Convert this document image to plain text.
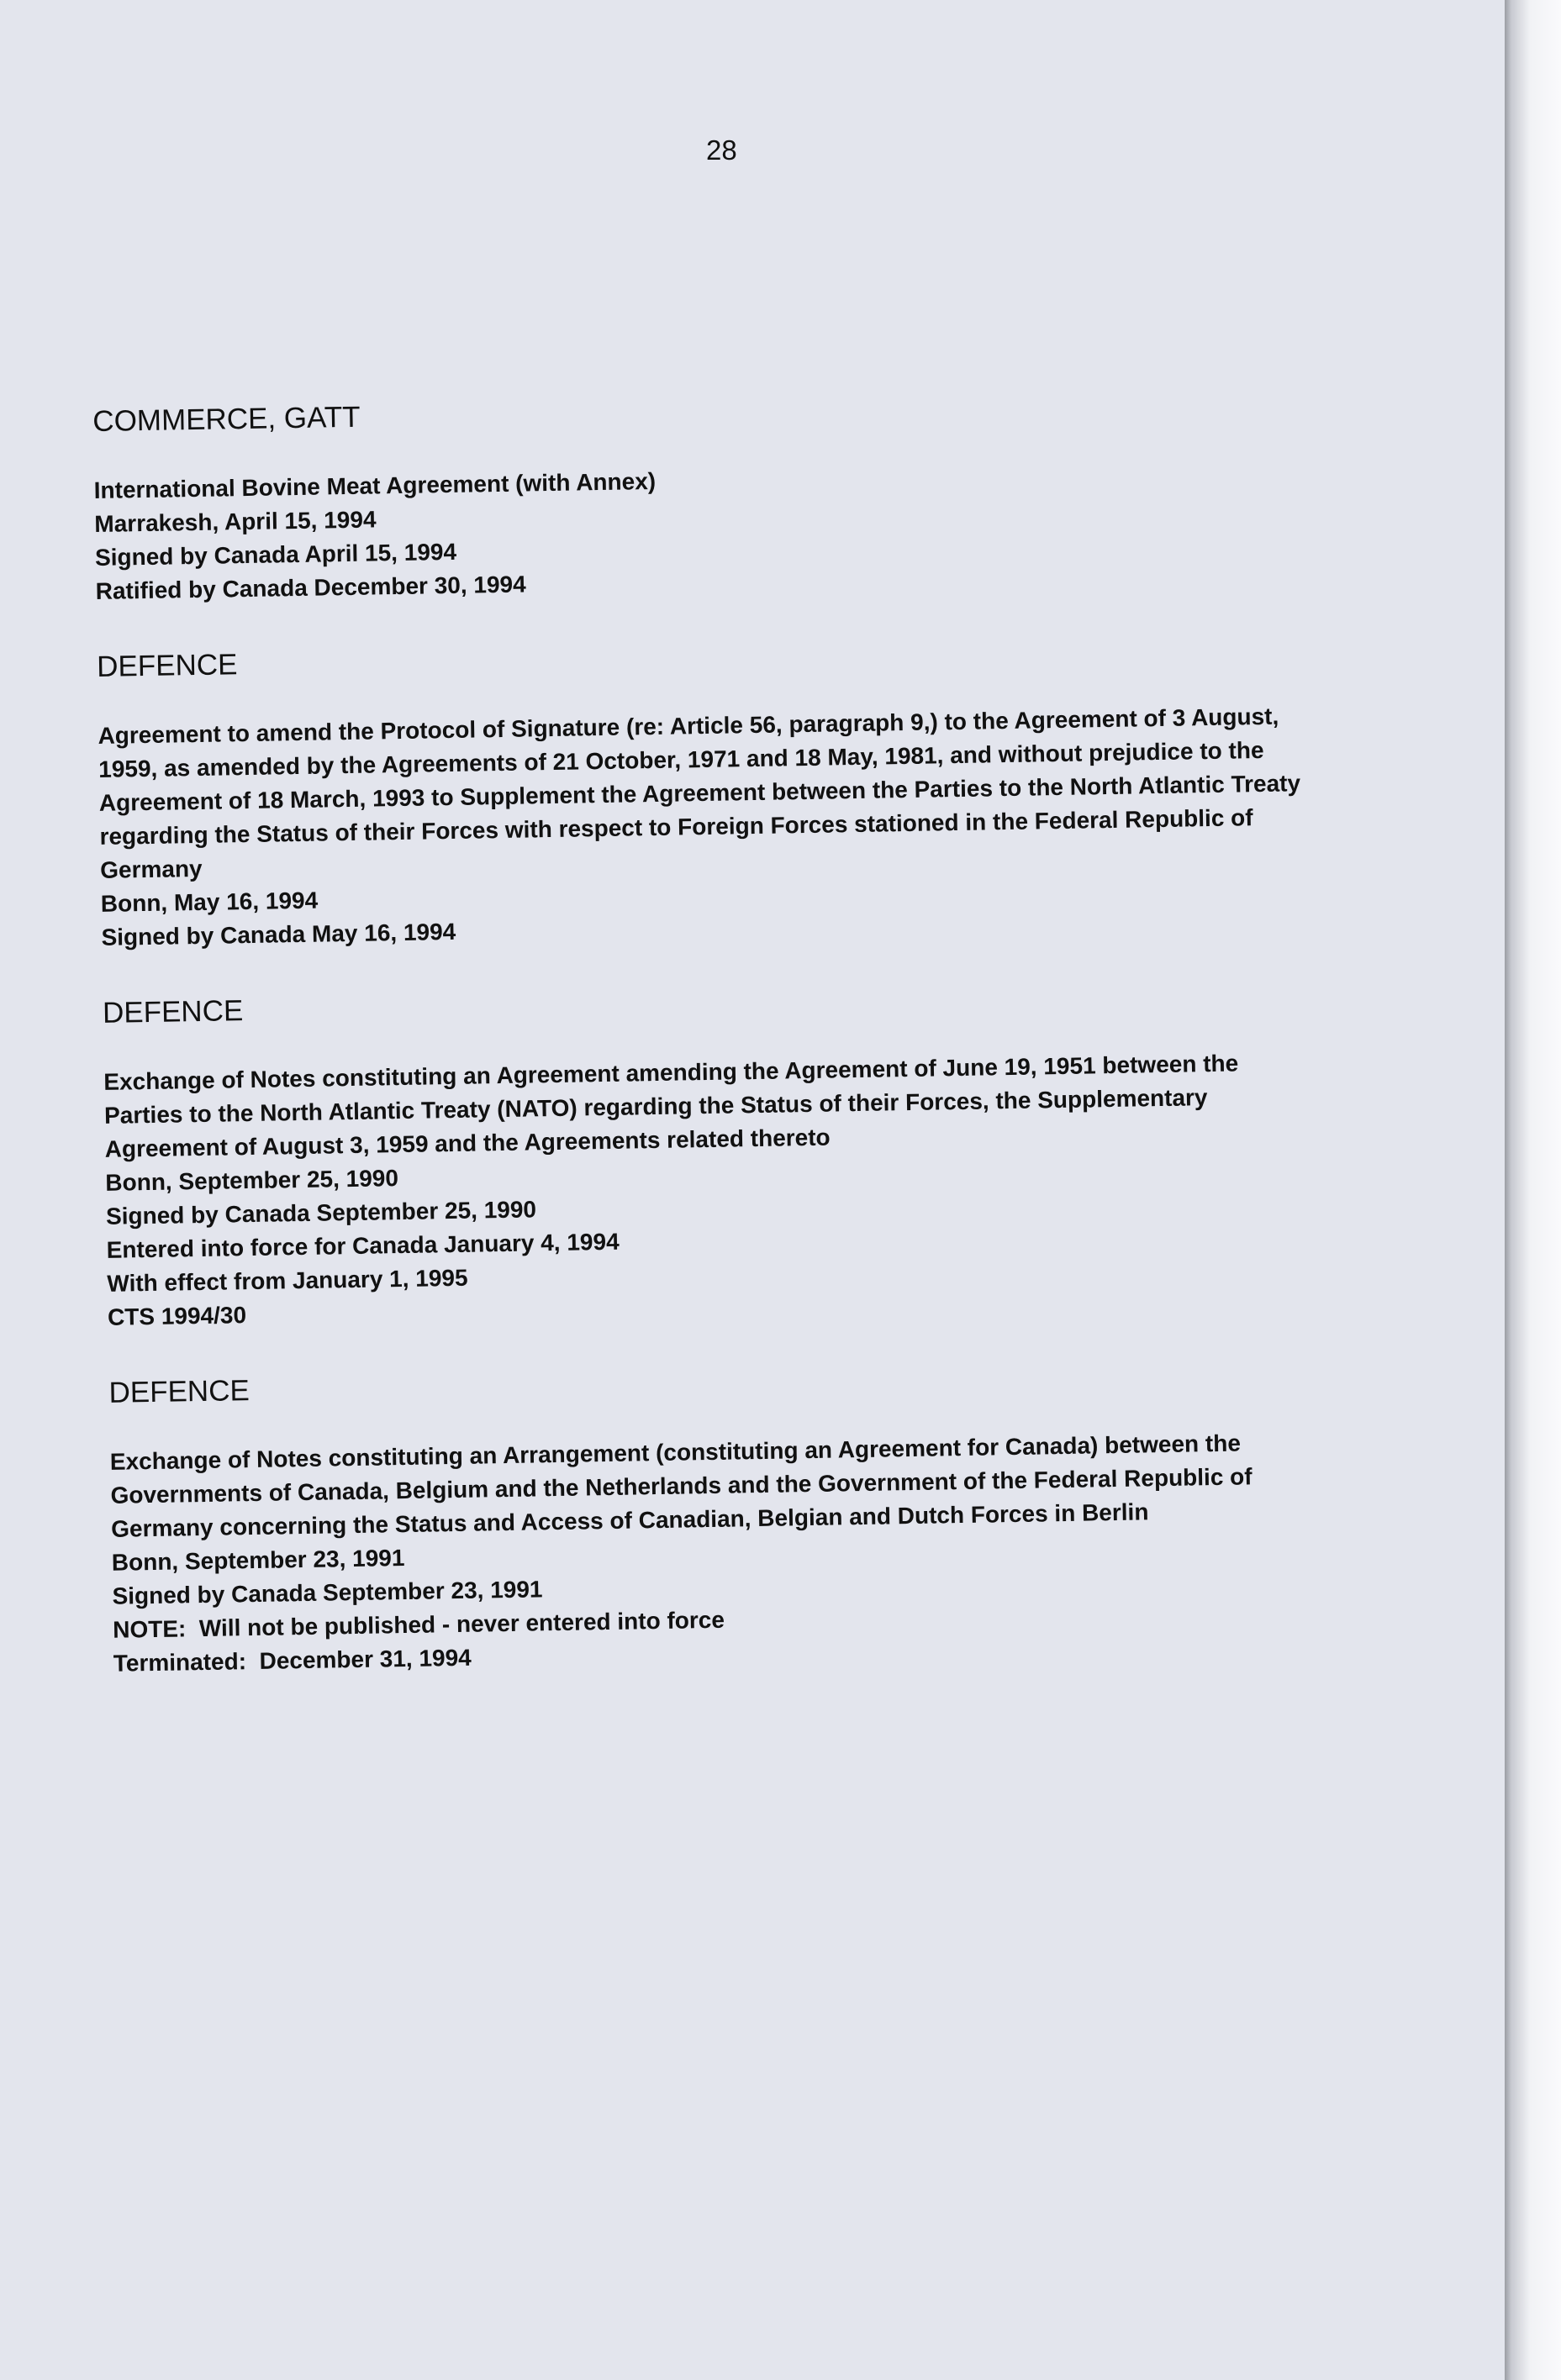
28
COMMERCE, GATT
International Bovine Meat Agreement (with Annex)
Marrakesh, April 15, 1994
Signed by Canada April 15, 1994
Ratified by Canada December 30, 1994
DEFENCE
Agreement to amend the Protocol of Signature (re: Article 56, paragraph 9,) to the Agreement of 3 August, 1959, as amended by the Agreements of 21 October, 1971 and 18 May, 1981, and without prejudice to the Agreement of 18 March, 1993 to Supplement the Agreement between the Parties to the North Atlantic Treaty regarding the Status of their Forces with respect to Foreign Forces stationed in the Federal Republic of Germany
Bonn, May 16, 1994
Signed by Canada May 16, 1994
DEFENCE
Exchange of Notes constituting an Agreement amending the Agreement of June 19, 1951 between the Parties to the North Atlantic Treaty (NATO) regarding the Status of their Forces, the Supplementary Agreement of August 3, 1959 and the Agreements related thereto
Bonn, September 25, 1990
Signed by Canada September 25, 1990
Entered into force for Canada January 4, 1994
With effect from January 1, 1995
CTS 1994/30
DEFENCE
Exchange of Notes constituting an Arrangement (constituting an Agreement for Canada) between the Governments of Canada, Belgium and the Netherlands and the Government of the Federal Republic of Germany concerning the Status and Access of Canadian, Belgian and Dutch Forces in Berlin
Bonn, September 23, 1991
Signed by Canada September 23, 1991
NOTE:  Will not be published - never entered into force
Terminated:  December 31, 1994
